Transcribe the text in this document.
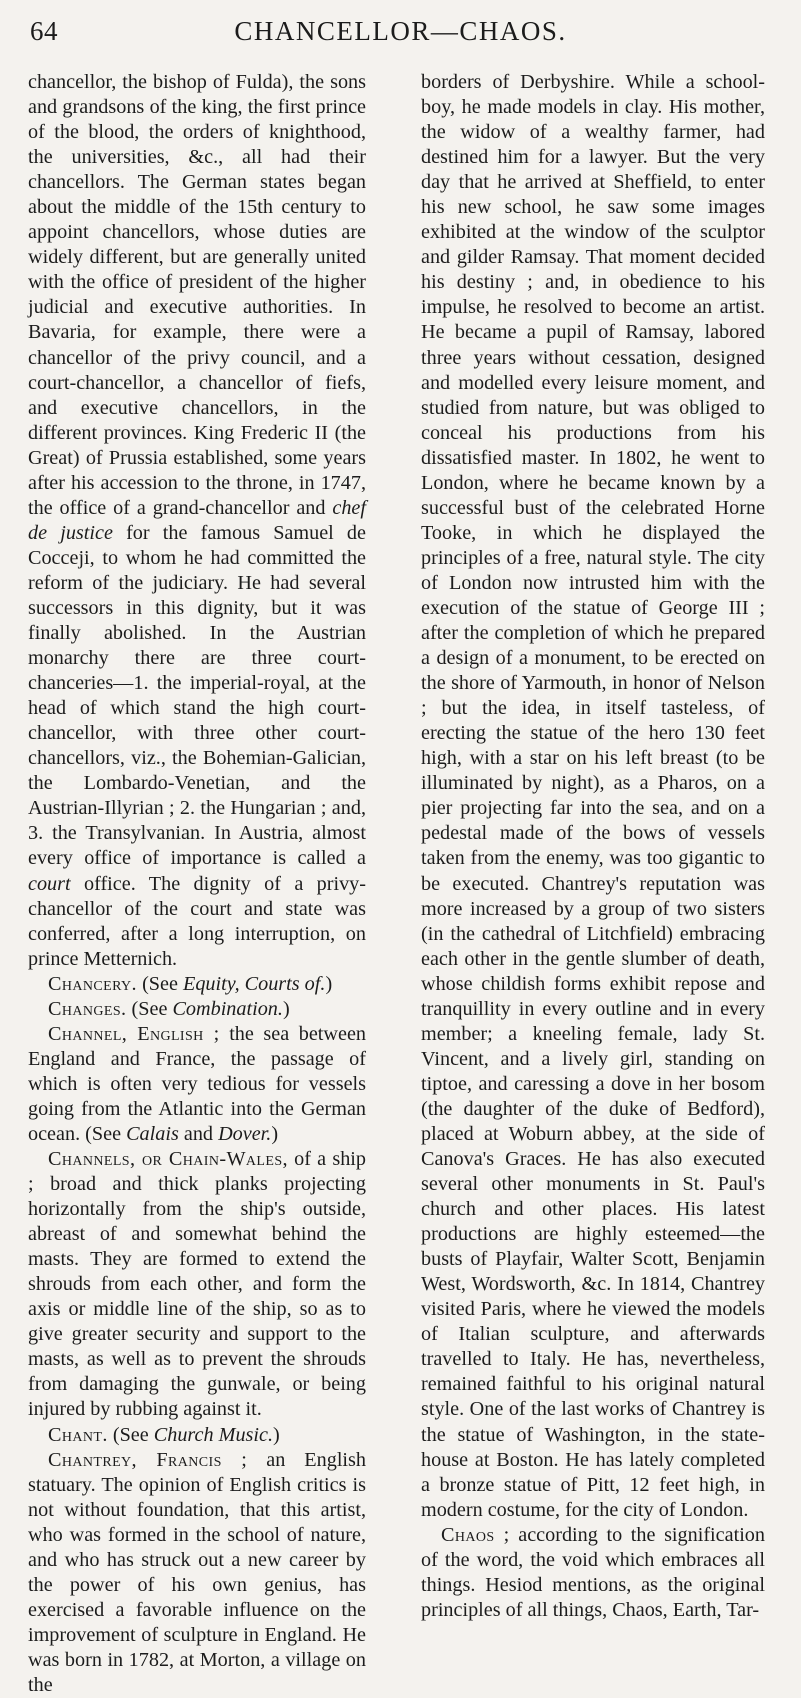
64	CHANCELLOR—CHAOS.

chancellor, the bishop of Fulda), the sons and grandsons of the king, the first prince of the blood, the orders of knighthood, the universities, &c., all had their chancellors. The German states began about the middle of the 15th century to appoint chancellors, whose duties are widely different, but are generally united with the office of president of the higher judicial and executive authorities. In Bavaria, for example, there were a chancellor of the privy council, and a court-chancellor, a chancellor of fiefs, and executive chancellors, in the different provinces. King Frederic II (the Great) of Prussia established, some years after his accession to the throne, in 1747, the office of a grand-chancellor and chef de justice for the famous Samuel de Cocceji, to whom he had committed the reform of the judiciary. He had several successors in this dignity, but it was finally abolished. In the Austrian monarchy there are three court-chanceries—1. the imperial-royal, at the head of which stand the high court-chancellor, with three other court-chancellors, viz., the Bohemian-Galician, the Lombardo-Venetian, and the Austrian-Illyrian ; 2. the Hungarian ; and, 3. the Transylvanian. In Austria, almost every office of importance is called a court office. The dignity of a privy-chancellor of the court and state was conferred, after a long interruption, on prince Metternich.

Chancery. (See Equity, Courts of.)

Changes. (See Combination.)

Channel, English ; the sea between England and France, the passage of which is often very tedious for vessels going from the Atlantic into the German ocean. (See Calais and Dover.)

Channels, or Chain-Wales, of a ship ; broad and thick planks projecting horizontally from the ship's outside, abreast of and somewhat behind the masts. They are formed to extend the shrouds from each other, and form the axis or middle line of the ship, so as to give greater security and support to the masts, as well as to prevent the shrouds from damaging the gunwale, or being injured by rubbing against it.

Chant. (See Church Music.)

Chantrey, Francis ; an English statuary. The opinion of English critics is not without foundation, that this artist, who was formed in the school of nature, and who has struck out a new career by the power of his own genius, has exercised a favorable influence on the improvement of sculpture in England. He was born in 1782, at Morton, a village on the

borders of Derbyshire. While a school-boy, he made models in clay. His mother, the widow of a wealthy farmer, had destined him for a lawyer. But the very day that he arrived at Sheffield, to enter his new school, he saw some images exhibited at the window of the sculptor and gilder Ramsay. That moment decided his destiny ; and, in obedience to his impulse, he resolved to become an artist. He became a pupil of Ramsay, labored three years without cessation, designed and modelled every leisure moment, and studied from nature, but was obliged to conceal his productions from his dissatisfied master. In 1802, he went to London, where he became known by a successful bust of the celebrated Horne Tooke, in which he displayed the principles of a free, natural style. The city of London now intrusted him with the execution of the statue of George III ; after the completion of which he prepared a design of a monument, to be erected on the shore of Yarmouth, in honor of Nelson ; but the idea, in itself tasteless, of erecting the statue of the hero 130 feet high, with a star on his left breast (to be illuminated by night), as a Pharos, on a pier projecting far into the sea, and on a pedestal made of the bows of vessels taken from the enemy, was too gigantic to be executed. Chantrey's reputation was more increased by a group of two sisters (in the cathedral of Litchfield) embracing each other in the gentle slumber of death, whose childish forms exhibit repose and tranquillity in every outline and in every member; a kneeling female, lady St. Vincent, and a lively girl, standing on tiptoe, and caressing a dove in her bosom (the daughter of the duke of Bedford), placed at Woburn abbey, at the side of Canova's Graces. He has also executed several other monuments in St. Paul's church and other places. His latest productions are highly esteemed—the busts of Playfair, Walter Scott, Benjamin West, Wordsworth, &c. In 1814, Chantrey visited Paris, where he viewed the models of Italian sculpture, and afterwards travelled to Italy. He has, nevertheless, remained faithful to his original natural style. One of the last works of Chantrey is the statue of Washington, in the state-house at Boston. He has lately completed a bronze statue of Pitt, 12 feet high, in modern costume, for the city of London.

Chaos ; according to the signification of the word, the void which embraces all things. Hesiod mentions, as the original principles of all things, Chaos, Earth, Tar-
